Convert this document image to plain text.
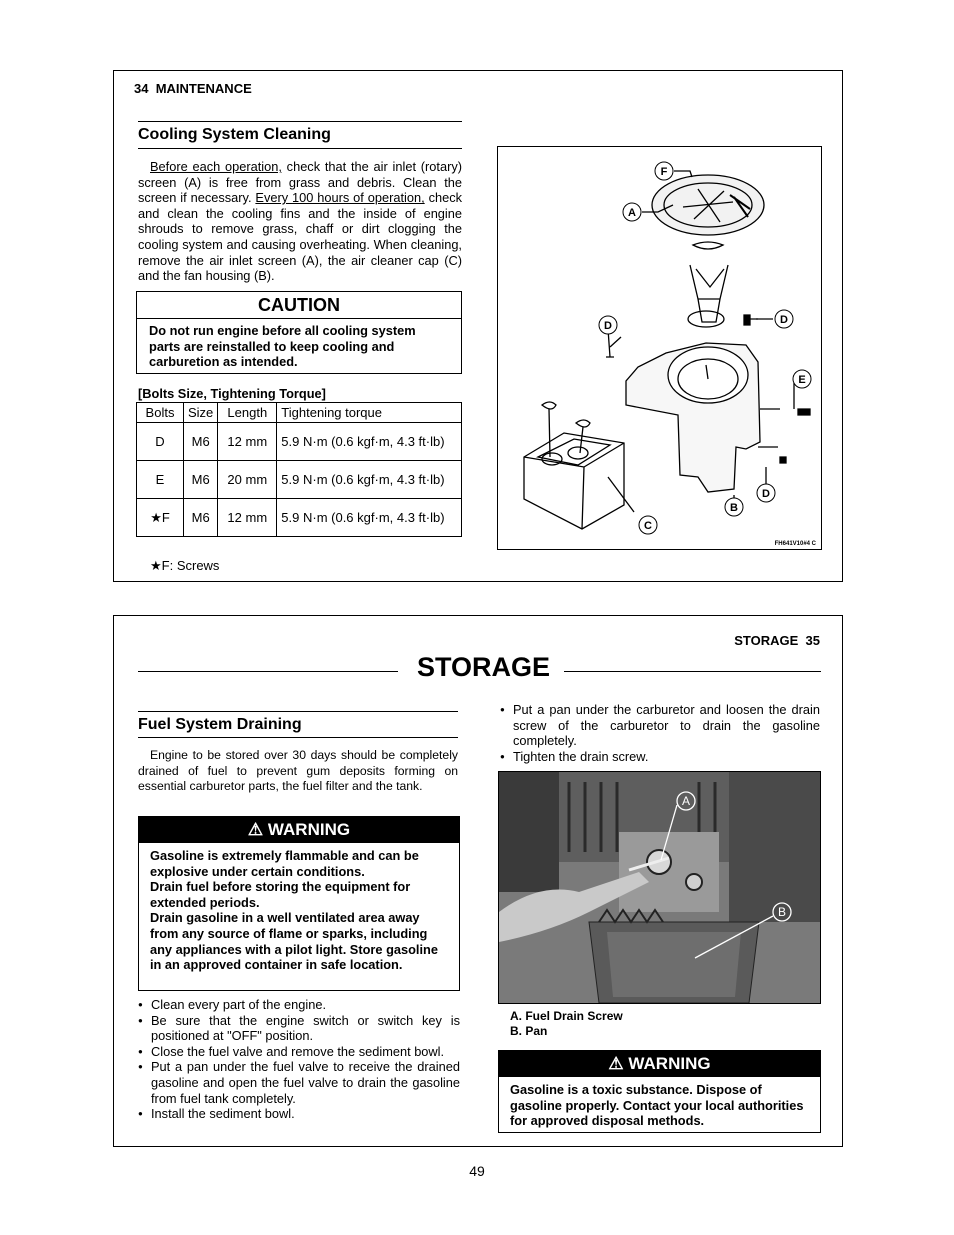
34 MAINTENANCE
Cooling System Cleaning
Before each operation, check that the air inlet (rotary) screen (A) is free from grass and debris. Clean the screen if necessary. Every 100 hours of operation, check and clean the cooling fins and the inside of engine shrouds to remove grass, chaff or dirt clogging the cooling system and causing overheating. When cleaning, remove the air inlet screen (A), the air cleaner cap (C) and the fan housing (B).
CAUTION
Do not run engine before all cooling system parts are reinstalled to keep cooling and carburetion as intended.
[Bolts Size, Tightening Torque]
Bolts	Size	Length	Tightening torque
D	M6	12 mm	5.9 N·m (0.6 kgf·m, 4.3 ft·lb)
E	M6	20 mm	5.9 N·m (0.6 kgf·m, 4.3 ft·lb)
★F	M6	12 mm	5.9 N·m (0.6 kgf·m, 4.3 ft·lb)
★F: Screws
F
A
D	D
E
B
D
C
FH641V10#4 C
STORAGE 35
STORAGE
Fuel System Draining
Engine to be stored over 30 days should be completely drained of fuel to prevent gum deposits forming on essential carburetor parts, the fuel filter and the tank.
⚠ WARNING
Gasoline is extremely flammable and can be explosive under certain conditions.
Drain fuel before storing the equipment for extended periods.
Drain gasoline in a well ventilated area away from any source of flame or sparks, including any appliances with a pilot light. Store gasoline in an approved container in safe location.
● Clean every part of the engine.
● Be sure that the engine switch or switch key is positioned at "OFF" position.
● Close the fuel valve and remove the sediment bowl.
● Put a pan under the fuel valve to receive the drained gasoline and open the fuel valve to drain the gasoline from fuel tank completely.
● Install the sediment bowl.
● Put a pan under the carburetor and loosen the drain screw of the carburetor to drain the gasoline completely.
● Tighten the drain screw.
A
B
A. Fuel Drain Screw
B. Pan
⚠ WARNING
Gasoline is a toxic substance. Dispose of gasoline properly. Contact your local authorities for approved disposal methods.
49
